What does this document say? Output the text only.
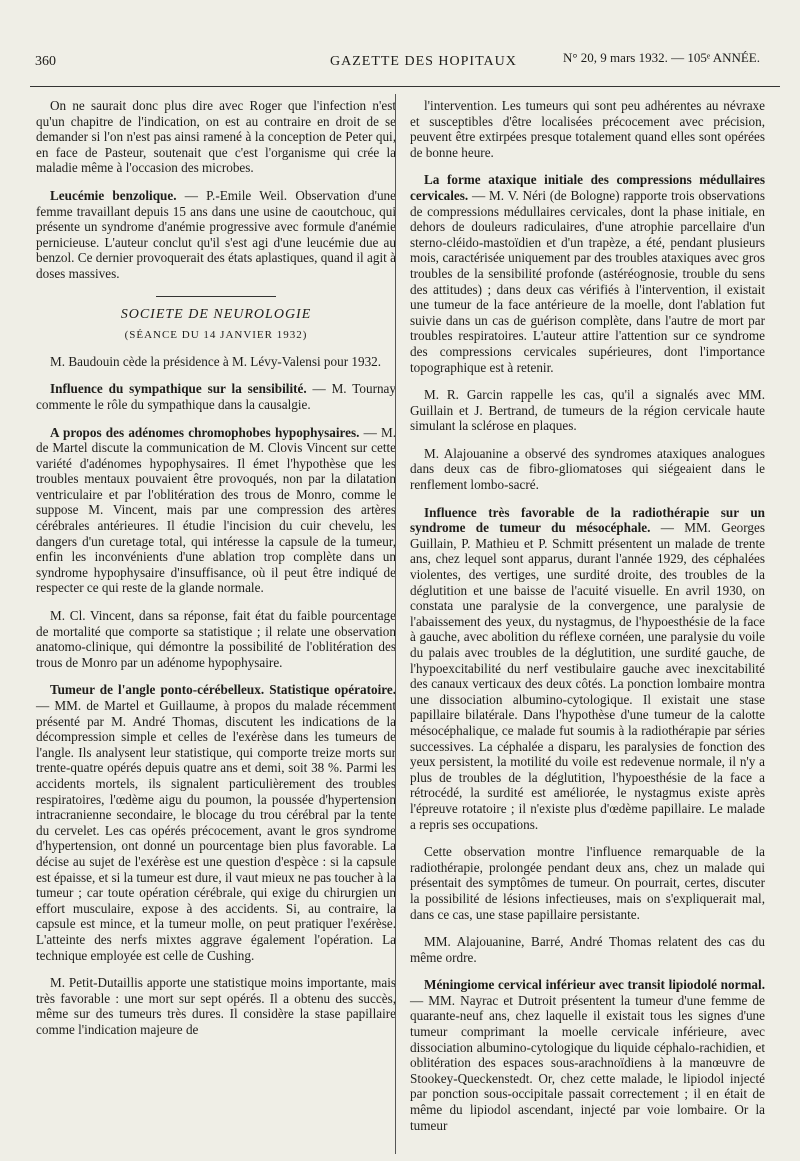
360	GAZETTE DES HOPITAUX	N° 20, 9 mars 1932. — 105ᵉ ANNÉE.

On ne saurait donc plus dire avec Roger que l'infection n'est qu'un chapitre de l'indication, on est au contraire en droit de se demander si l'on n'est pas ainsi ramené à la conception de Peter qui, en face de Pasteur, soutenait que c'est l'organisme qui crée la maladie même à l'occasion des microbes.

Leucémie benzolique. — P.-Emile Weil. Observation d'une femme travaillant depuis 15 ans dans une usine de caoutchouc, qui présente un syndrome d'anémie progressive avec formule d'anémie pernicieuse. L'auteur conclut qu'il s'est agi d'une leucémie due au benzol. Ce dernier provoquerait des états aplastiques, quand il agit à doses massives.

SOCIETE DE NEUROLOGIE
(SÉANCE DU 14 JANVIER 1932)

M. Baudouin cède la présidence à M. Lévy-Valensi pour 1932.

Influence du sympathique sur la sensibilité. — M. Tournay commente le rôle du sympathique dans la causalgie.

A propos des adénomes chromophobes hypophysaires. — M. de Martel discute la communication de M. Clovis Vincent sur cette variété d'adénomes hypophysaires. Il émet l'hypothèse que les troubles mentaux pouvaient être provoqués, non par la dilatation ventriculaire et par l'oblitération des trous de Monro, comme le suppose M. Vincent, mais par une compression des artères cérébrales antérieures. Il étudie l'incision du cuir chevelu, les dangers d'un curetage total, qui intéresse la capsule de la tumeur, enfin les inconvénients d'une ablation trop complète dans un syndrome hypophysaire d'insuffisance, où il peut être indiqué de respecter ce qui reste de la glande normale.

M. Cl. Vincent, dans sa réponse, fait état du faible pourcentage de mortalité que comporte sa statistique ; il relate une observation anatomo-clinique, qui démontre la possibilité de l'oblitération des trous de Monro par un adénome hypophysaire.

Tumeur de l'angle ponto-cérébelleux. Statistique opératoire. — MM. de Martel et Guillaume, à propos du malade récemment présenté par M. André Thomas, discutent les indications de la décompression simple et celles de l'exérèse dans les tumeurs de l'angle. Ils analysent leur statistique, qui comporte treize morts sur trente-quatre opérés depuis quatre ans et demi, soit 38 %. Parmi les accidents mortels, ils signalent particulièrement des troubles respiratoires, l'œdème aigu du poumon, la poussée d'hypertension intracranienne secondaire, le blocage du trou cérébral par la tente du cervelet. Les cas opérés précocement, avant le gros syndrome d'hypertension, ont donné un pourcentage bien plus favorable. La décise au sujet de l'exérèse est une question d'espèce : si la capsule est épaisse, et si la tumeur est dure, il vaut mieux ne pas toucher à la tumeur ; car toute opération cérébrale, qui exige du chirurgien un effort musculaire, expose à des accidents. Si, au contraire, la capsule est mince, et la tumeur molle, on peut pratiquer l'exérèse. L'atteinte des nerfs mixtes aggrave également l'opération. La technique employée est celle de Cushing.

M. Petit-Dutaillis apporte une statistique moins importante, mais très favorable : une mort sur sept opérés. Il a obtenu des succès, même sur des tumeurs très dures. Il considère la stase papillaire comme l'indication majeure de

l'intervention. Les tumeurs qui sont peu adhérentes au névraxe et susceptibles d'être localisées précocement avec précision, peuvent être extirpées presque totalement quand elles sont opérées de bonne heure.

La forme ataxique initiale des compressions médullaires cervicales. — M. V. Néri (de Bologne) rapporte trois observations de compressions médullaires cervicales, dont la phase initiale, en dehors de douleurs radiculaires, d'une atrophie parcellaire d'un sterno-cléido-mastoïdien et d'un trapèze, a été, pendant plusieurs mois, caractérisée uniquement par des troubles ataxiques avec gros troubles de la sensibilité profonde (astéréognosie, trouble du sens des attitudes) ; dans deux cas vérifiés à l'intervention, il existait une tumeur de la face antérieure de la moelle, dont l'ablation fut suivie dans un cas de guérison complète, dans l'autre de mort par troubles respiratoires. L'auteur attire l'attention sur ce syndrome des compressions cervicales supérieures, dont l'importance topographique est à retenir.

M. R. Garcin rappelle les cas, qu'il a signalés avec MM. Guillain et J. Bertrand, de tumeurs de la région cervicale haute simulant la sclérose en plaques.

M. Alajouanine a observé des syndromes ataxiques analogues dans deux cas de fibro-gliomatoses qui siégeaient dans le renflement lombo-sacré.

Influence très favorable de la radiothérapie sur un syndrome de tumeur du mésocéphale. — MM. Georges Guillain, P. Mathieu et P. Schmitt présentent un malade de trente ans, chez lequel sont apparus, durant l'année 1929, des céphalées violentes, des vertiges, une surdité droite, des troubles de la déglutition et une baisse de l'acuité visuelle. En avril 1930, on constata une paralysie de la convergence, une paralysie de l'abaissement des yeux, du nystagmus, de l'hypoesthésie de la face à gauche, avec abolition du réflexe cornéen, une paralysie du voile du palais avec troubles de la déglutition, une surdité gauche, de l'hypoexcitabilité du nerf vestibulaire gauche avec inexcitabilité des canaux verticaux des deux côtés. La ponction lombaire montra une dissociation albumino-cytologique. Il existait une stase papillaire bilatérale. Dans l'hypothèse d'une tumeur de la calotte mésocéphalique, ce malade fut soumis à la radiothérapie par séries successives. La céphalée a disparu, les paralysies de fonction des yeux persistent, la motilité du voile est redevenue normale, il n'y a plus de troubles de la déglutition, l'hypoesthésie de la face a rétrocédé, la surdité est améliorée, le nystagmus existe après l'épreuve rotatoire ; il n'existe plus d'œdème papillaire. Le malade a repris ses occupations.

Cette observation montre l'influence remarquable de la radiothérapie, prolongée pendant deux ans, chez un malade qui présentait des symptômes de tumeur. On pourrait, certes, discuter la possibilité de lésions infectieuses, mais on s'expliquerait mal, dans ce cas, une stase papillaire persistante.

MM. Alajouanine, Barré, André Thomas relatent des cas du même ordre.

Méningiome cervical inférieur avec transit lipiodolé normal. — MM. Nayrac et Dutroit présentent la tumeur d'une femme de quarante-neuf ans, chez laquelle il existait tous les signes d'une tumeur comprimant la moelle cervicale inférieure, avec dissociation albumino-cytologique du liquide céphalo-rachidien, et oblitération des espaces sous-arachnoïdiens à la manœuvre de Stookey-Queckenstedt. Or, chez cette malade, le lipiodol injecté par ponction sous-occipitale passait correctement ; il en était de même du lipiodol ascendant, injecté par voie lombaire. Or la tumeur
